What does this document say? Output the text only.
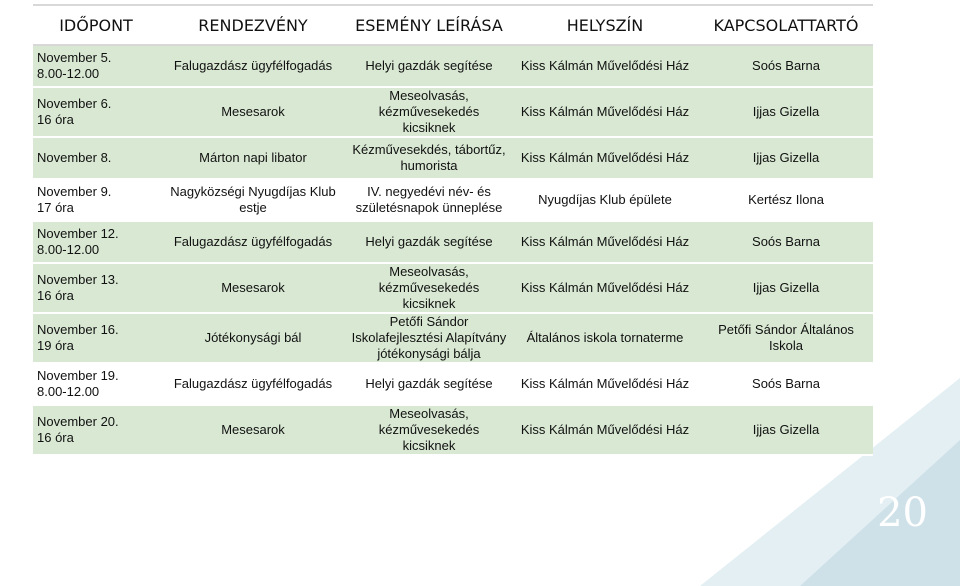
IDŐPONT	RENDEZVÉNY	ESEMÉNY LEÍRÁSA	HELYSZÍN	KAPCSOLATTARTÓ
November 5.
8.00-12.00	Falugazdász ügyfélfogadás	Helyi gazdák segítése	Kiss Kálmán Művelődési Ház	Soós Barna
November 6.
16 óra	Mesesarok	Meseolvasás, kézművesekedés kicsiknek	Kiss Kálmán Művelődési Ház	Ijjas Gizella
November 8.	Márton napi libator	Kézművesekdés, tábortűz, humorista	Kiss Kálmán Művelődési Ház	Ijjas Gizella
November 9.
17 óra	Nagyközségi Nyugdíjas Klub estje	IV. negyedévi név- és születésnapok ünneplése	Nyugdíjas Klub épülete	Kertész Ilona
November 12.
8.00-12.00	Falugazdász ügyfélfogadás	Helyi gazdák segítése	Kiss Kálmán Művelődési Ház	Soós Barna
November 13.
16 óra	Mesesarok	Meseolvasás, kézművesekedés kicsiknek	Kiss Kálmán Művelődési Ház	Ijjas Gizella
November 16.
19 óra	Jótékonysági bál	Petőfi Sándor Iskolafejlesztési Alapítvány jótékonysági bálja	Általános iskola tornaterme	Petőfi Sándor Általános Iskola
November 19.
8.00-12.00	Falugazdász ügyfélfogadás	Helyi gazdák segítése	Kiss Kálmán Művelődési Ház	Soós Barna
November 20.
16 óra	Mesesarok	Meseolvasás, kézművesekedés kicsiknek	Kiss Kálmán Művelődési Ház	Ijjas Gizella
20
